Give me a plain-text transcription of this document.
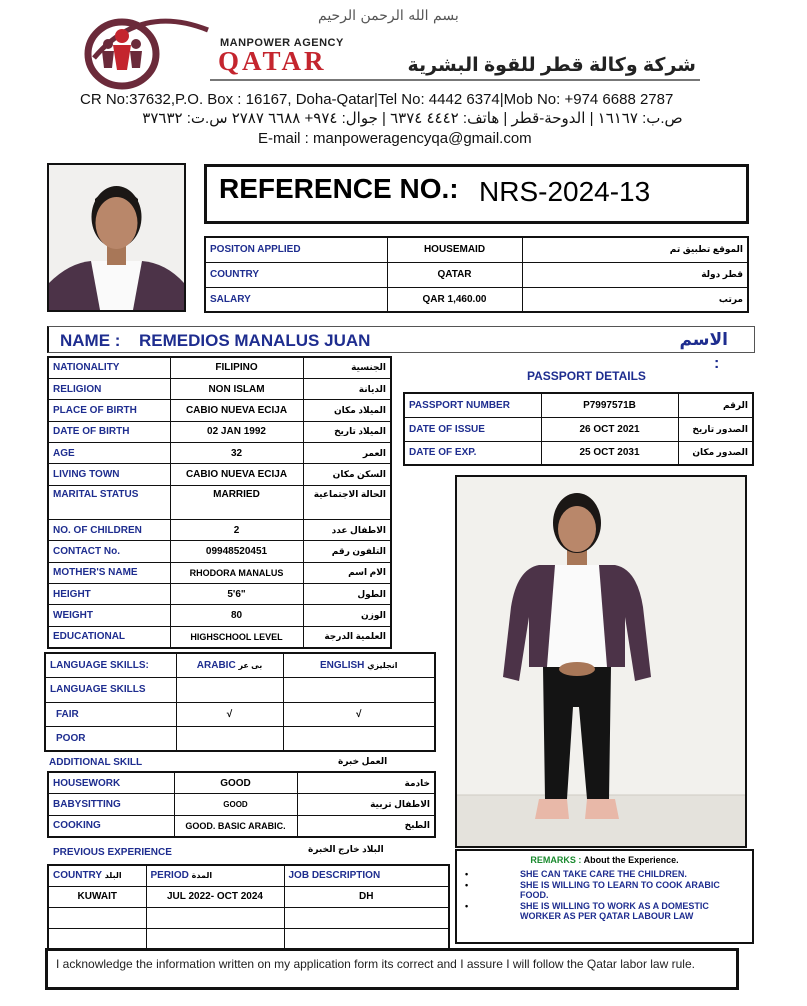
بسم الله الرحمن الرحيم
MANPOWER AGENCY
QATAR	شركة وكالة قطر للقوة البشرية
CR No:37632,P.O. Box : 16167, Doha-Qatar|Tel No: 4442 6374|Mob No: +974 6688 2787
ص.ب: ١٦١٦٧ | الدوحة-قطر | هاتف: ٤٤٤٢ ٦٣٧٤ | جوال: ٩٧٤+ ٦٦٨٨ ٢٧٨٧ س.ت: ٣٧٦٣٢
E-mail : manpoweragencyqa@gmail.com
REFERENCE NO.: NRS-2024-13
POSITON APPLIED	HOUSEMAID	الموقع تطبيق تم
COUNTRY	QATAR	قطر دولة
SALARY	QAR 1,460.00	مرتب
NAME : REMEDIOS MANALUS JUAN	الاسم
:
NATIONALITY	FILIPINO	الجنسية
RELIGION	NON ISLAM	الديانة
PLACE OF BIRTH	CABIO NUEVA ECIJA	الميلاد مكان
DATE OF BIRTH	02 JAN 1992	الميلاد تاريخ
AGE	32	العمر
LIVING TOWN	CABIO NUEVA ECIJA	السكن مكان
MARITAL STATUS	MARRIED	الحالة الاجتماعية
NO. OF CHILDREN	2	الاطفال عدد
CONTACT No.	09948520451	التلفون رقم
MOTHER'S NAME	RHODORA MANALUS	الام اسم
HEIGHT	5'6"	الطول
WEIGHT	80	الوزن
EDUCATIONAL	HIGHSCHOOL LEVEL	العلمية الدرجة
PASSPORT DETAILS
PASSPORT NUMBER	P7997571B	الرقم
DATE OF ISSUE	26 OCT 2021	الصدور تاريخ
DATE OF EXP.	25 OCT 2031	الصدور مكان
LANGUAGE SKILLS:	ARABIC بى عر	ENGLISH انجليزي
LANGUAGE SKILLS		
FAIR	√	√
POOR		
ADDITIONAL SKILL	العمل خبرة
HOUSEWORK	GOOD	خادمة
BABYSITTING	GOOD	الاطفال تربية
COOKING	GOOD. BASIC ARABIC.	الطبخ
PREVIOUS EXPERIENCE	البلاد خارج الخبرة
COUNTRY البلد	PERIOD المدة	JOB DESCRIPTION
KUWAIT	JUL 2022- OCT 2024	DH

REMARKS : About the Experience.
•	SHE CAN TAKE CARE THE CHILDREN.
•	SHE IS WILLING TO LEARN TO COOK ARABIC FOOD.
•	SHE IS WILLING TO WORK AS A DOMESTIC WORKER AS PER QATAR LABOUR LAW
I acknowledge the information written on my application form its correct and I assure I will follow the Qatar labor law rule.
